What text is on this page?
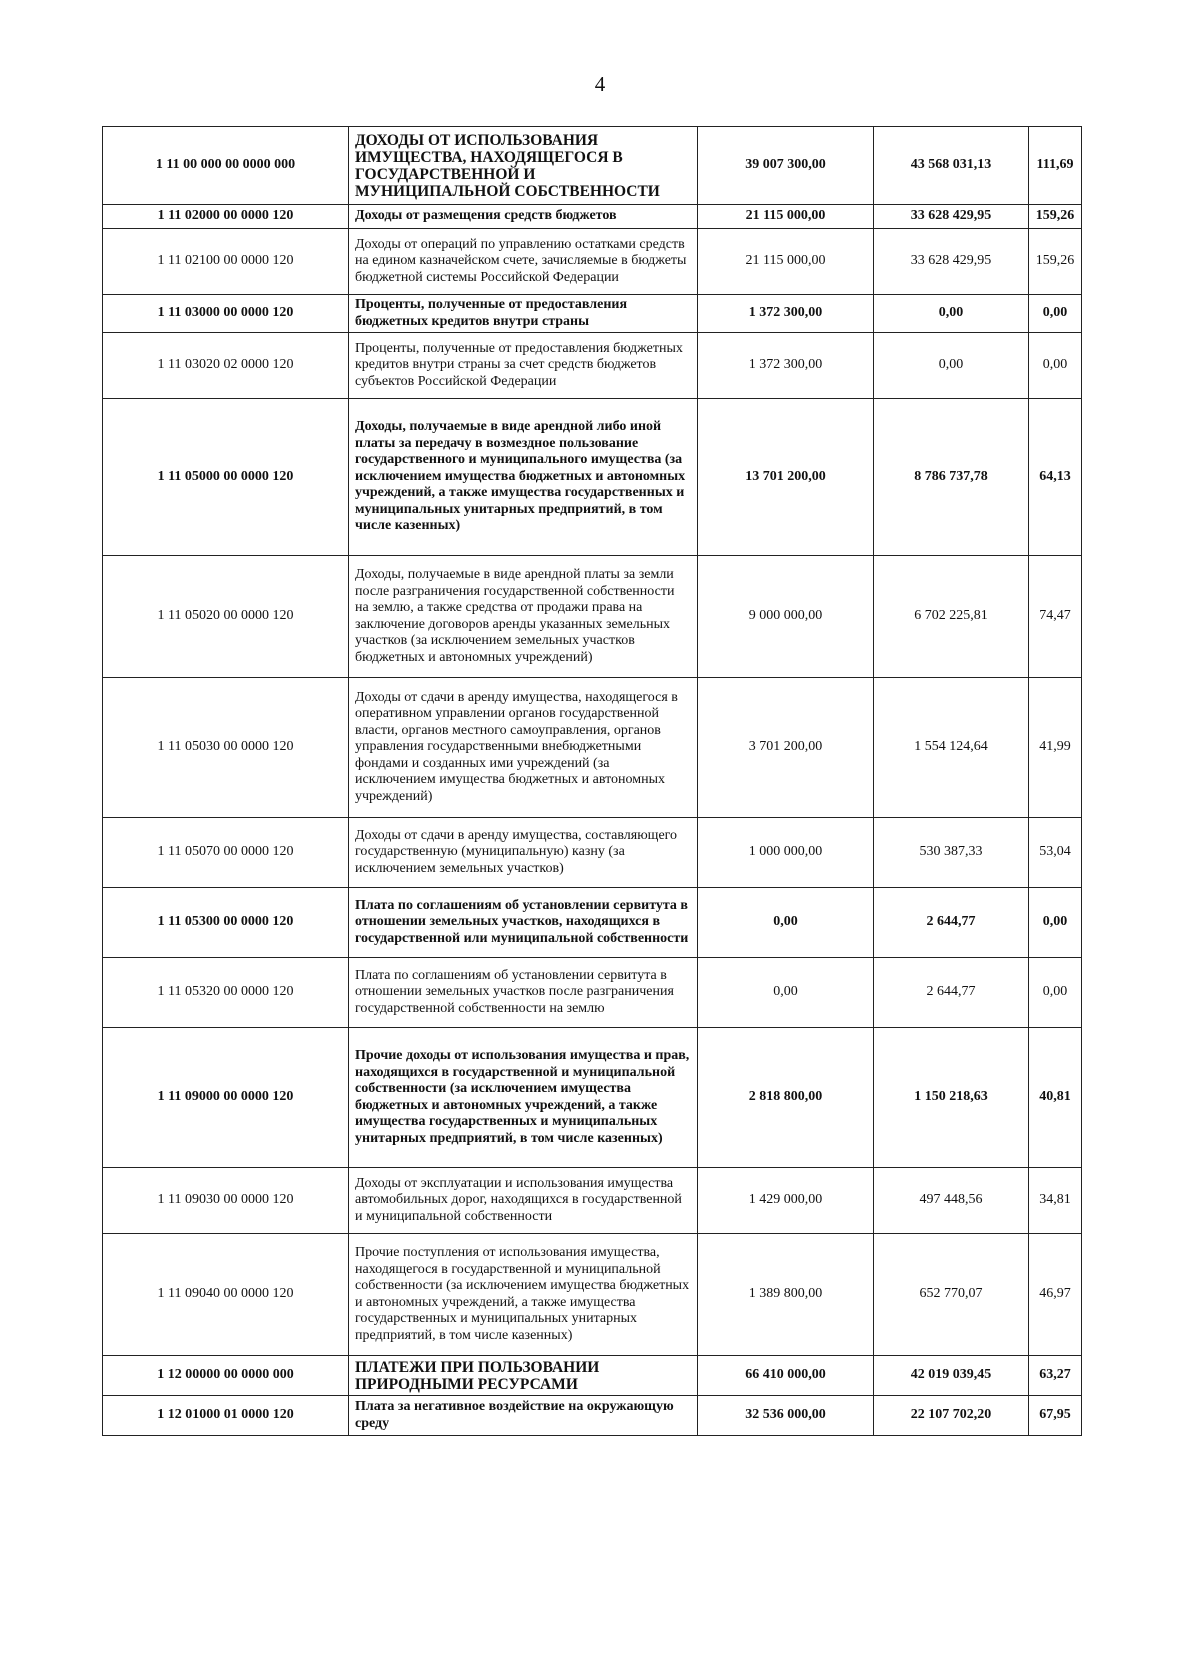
4
1 11 00 000 00 0000 000	ДОХОДЫ ОТ ИСПОЛЬЗОВАНИЯ ИМУЩЕСТВА, НАХОДЯЩЕГОСЯ В ГОСУДАРСТВЕННОЙ И МУНИЦИПАЛЬНОЙ СОБСТВЕННОСТИ	39 007 300,00	43 568 031,13	111,69
1 11 02000 00 0000 120	Доходы от размещения средств бюджетов	21 115 000,00	33 628 429,95	159,26
1 11 02100 00 0000 120	Доходы от операций по управлению остатками средств на едином казначейском счете, зачисляемые в бюджеты бюджетной системы Российской Федерации	21 115 000,00	33 628 429,95	159,26
1 11 03000 00 0000 120	Проценты, полученные от предоставления бюджетных кредитов внутри страны	1 372 300,00	0,00	0,00
1 11 03020 02 0000 120	Проценты, полученные от предоставления бюджетных кредитов внутри страны за счет средств бюджетов субъектов Российской Федерации	1 372 300,00	0,00	0,00
1 11 05000 00 0000 120	Доходы, получаемые в виде арендной либо иной платы за передачу в возмездное пользование государственного и муниципального имущества (за исключением имущества бюджетных и автономных учреждений, а также имущества государственных и муниципальных унитарных предприятий, в том числе казенных)	13 701 200,00	8 786 737,78	64,13
1 11 05020 00 0000 120	Доходы, получаемые в виде арендной платы за земли после разграничения государственной собственности на землю, а также средства от продажи права на заключение договоров аренды указанных земельных участков (за исключением земельных участков бюджетных и автономных учреждений)	9 000 000,00	6 702 225,81	74,47
1 11 05030 00 0000 120	Доходы от сдачи в аренду имущества, находящегося в оперативном управлении органов государственной власти, органов местного самоуправления, органов управления государственными внебюджетными фондами и созданных ими учреждений (за исключением имущества бюджетных и автономных учреждений)	3 701 200,00	1 554 124,64	41,99
1 11 05070 00 0000 120	Доходы от сдачи в аренду имущества, составляющего государственную (муниципальную) казну (за исключением земельных участков)	1 000 000,00	530 387,33	53,04
1 11 05300 00 0000 120	Плата по соглашениям об установлении сервитута в отношении земельных участков, находящихся в государственной или муниципальной собственности	0,00	2 644,77	0,00
1 11 05320 00 0000 120	Плата по соглашениям об установлении сервитута в отношении земельных участков после разграничения государственной собственности на землю	0,00	2 644,77	0,00
1 11 09000 00 0000 120	Прочие доходы от использования имущества и прав, находящихся в государственной и муниципальной собственности (за исключением имущества бюджетных и автономных учреждений, а также имущества государственных и муниципальных унитарных предприятий, в том числе казенных)	2 818 800,00	1 150 218,63	40,81
1 11 09030 00 0000 120	Доходы от эксплуатации и использования имущества автомобильных дорог, находящихся в государственной и муниципальной собственности	1 429 000,00	497 448,56	34,81
1 11 09040 00 0000 120	Прочие поступления от использования имущества, находящегося в государственной и муниципальной собственности (за исключением имущества бюджетных и автономных учреждений, а также имущества государственных и муниципальных унитарных предприятий, в том числе казенных)	1 389 800,00	652 770,07	46,97
1 12 00000 00 0000 000	ПЛАТЕЖИ ПРИ ПОЛЬЗОВАНИИ ПРИРОДНЫМИ РЕСУРСАМИ	66 410 000,00	42 019 039,45	63,27
1 12 01000 01 0000 120	Плата за негативное воздействие на окружающую среду	32 536 000,00	22 107 702,20	67,95
